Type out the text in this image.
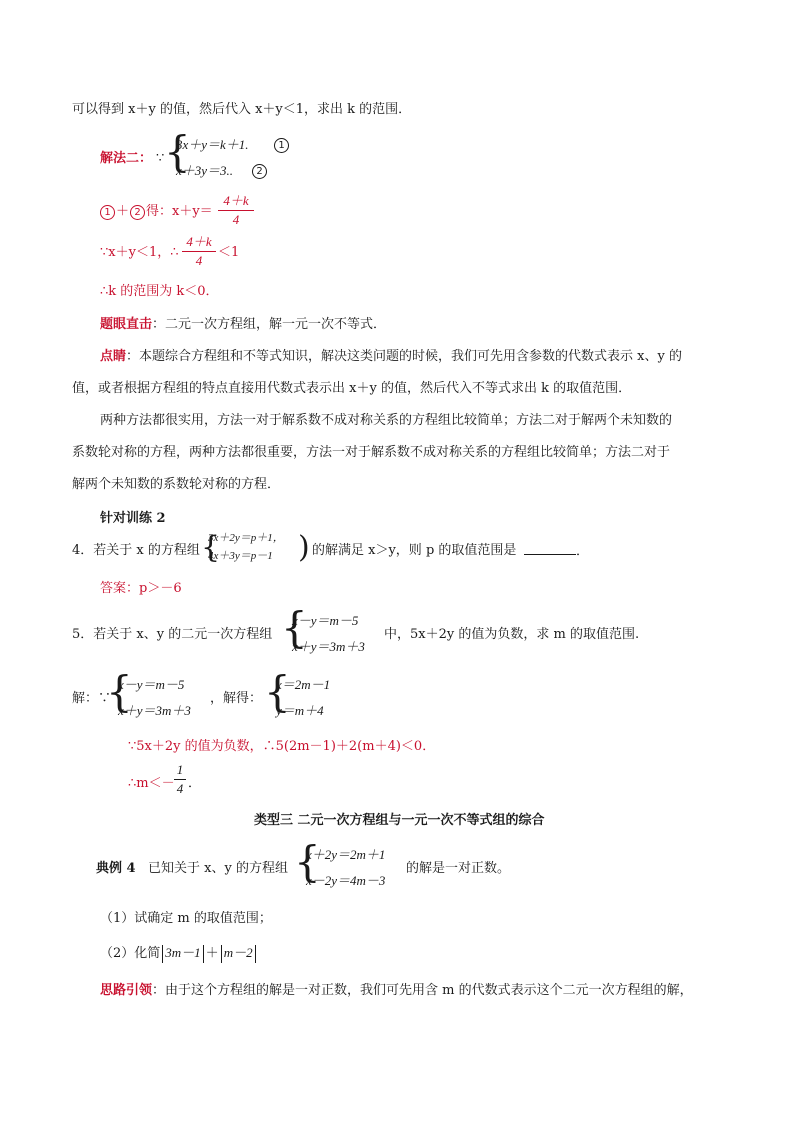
可以得到 x＋y 的值，然后代入 x＋y＜1，求出 k 的范围．
解法二： ∵ {
3x＋y＝k＋1.	1
x＋3y＝3..	2
1 ＋ 2 得：x＋y＝
4＋k
4
∵x＋y＜1，∴
4＋k
4
＜1
∴k 的范围为 k＜0．
题眼直击：二元一次方程组，解一元一次不等式．
点睛：本题综合方程组和不等式知识，解决这类问题的时候，我们可先用含参数的代数式表示 x、y 的
值，或者根据方程组的特点直接用代数式表示出 x＋y 的值，然后代入不等式求出 k 的取值范围．
两种方法都很实用，方法一对于解系数不成对称关系的方程组比较简单；方法二对于解两个未知数的
系数轮对称的方程，两种方法都很重要，方法一对于解系数不成对称关系的方程组比较简单；方法二对于
解两个未知数的系数轮对称的方程．
针对训练 2
4．若关于 x 的方程组 {
3x＋2y＝p＋1，
4x＋3y＝p－1 ) 的解满足 x＞y，则 p 的取值范围是	．
答案：p＞－6
5．若关于 x、y 的二元一次方程组 {
x－y＝m－5
x＋y＝3m＋3
中，5x＋2y 的值为负数，求 m 的取值范围.
解：∵
{
x－y＝m－5
x＋y＝3m＋3
，解得： {
x＝2m－1
y＝m＋4
∵5x＋2y 的值为负数，∴5(2m－1)＋2(m＋4)＜0．
∴m＜－
1
4 ．
类型三 二元一次方程组与一元一次不等式组的综合
典例 4 已知关于 x、y 的方程组 {
x＋2y＝2m＋1
x－2y＝4m－3
的解是一对正数。
（1）试确定 m 的取值范围；
（2）化简 3m－1 ＋ m－2
思路引领：由于这个方程组的解是一对正数，我们可先用含 m 的代数式表示这个二元一次方程组的解，
